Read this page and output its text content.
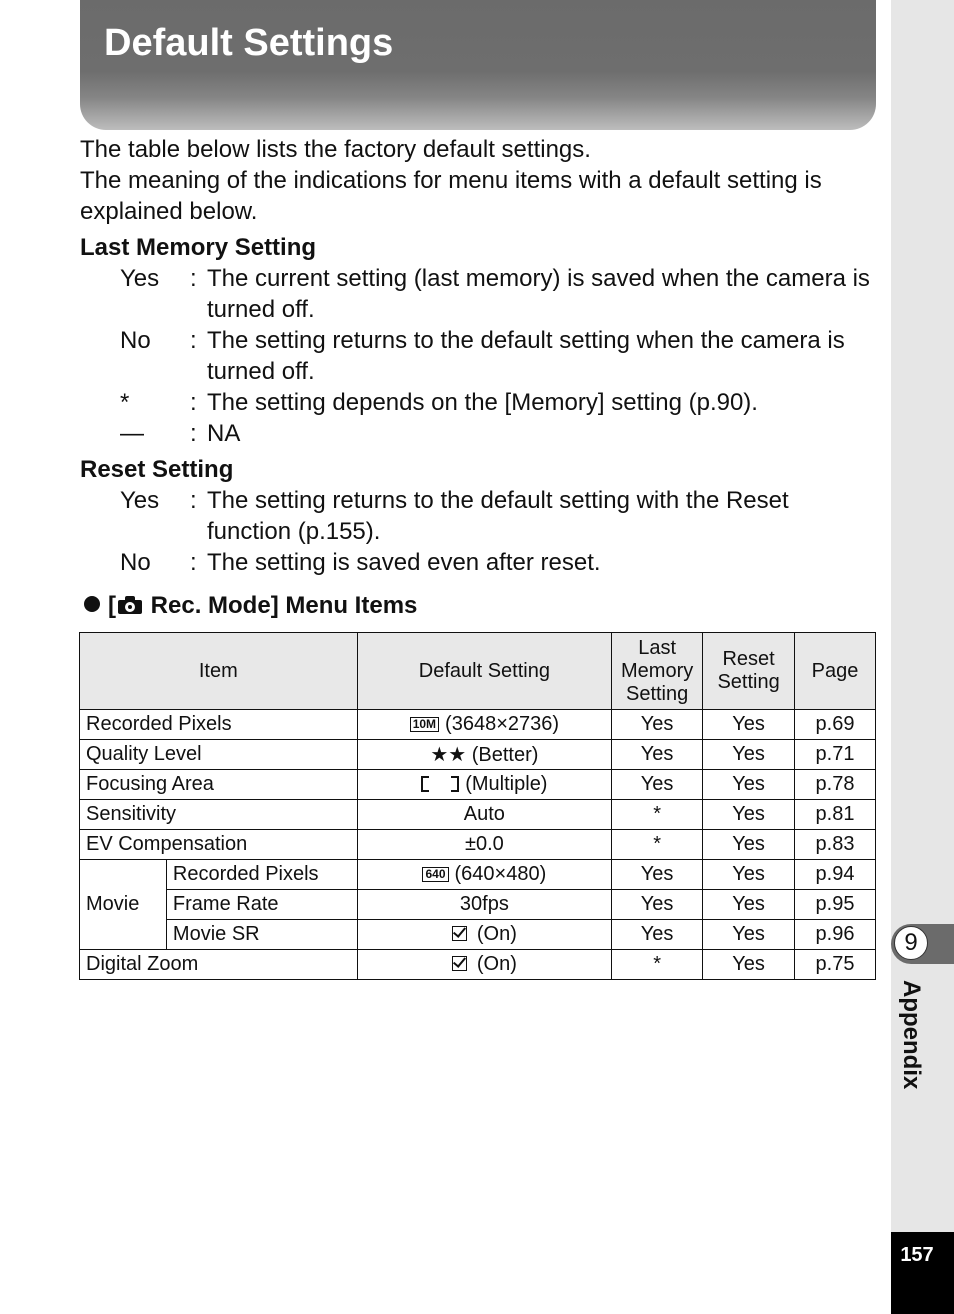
Default Settings
The table below lists the factory default settings.
The meaning of the indications for menu items with a default setting is explained below.
Last Memory Setting
Yes : The current setting (last memory) is saved when the camera is turned off.
No : The setting returns to the default setting when the camera is turned off.
*	: The setting depends on the [Memory] setting (p.90).
— : NA
Reset Setting
Yes : The setting returns to the default setting with the Reset function (p.155).
No : The setting is saved even after reset.
[
Rec. Mode] Menu Items
Item		Default Setting	Last Memory Setting	Reset Setting	Page
Recorded Pixels		10M (3648×2736)	Yes	Yes	p.69
Quality Level		★★ (Better)	Yes	Yes	p.71
Focusing Area		(Multiple)	Yes	Yes	p.78
Sensitivity		Auto	*	Yes	p.81
EV Compensation		±0.0	*	Yes	p.83
Movie	Recorded Pixels	640 (640×480)	Yes	Yes	p.94
	Frame Rate	30fps	Yes	Yes	p.95
	Movie SR	(On)	Yes	Yes	p.96
Digital Zoom		(On)	*	Yes	p.75
9
Appendix
157
